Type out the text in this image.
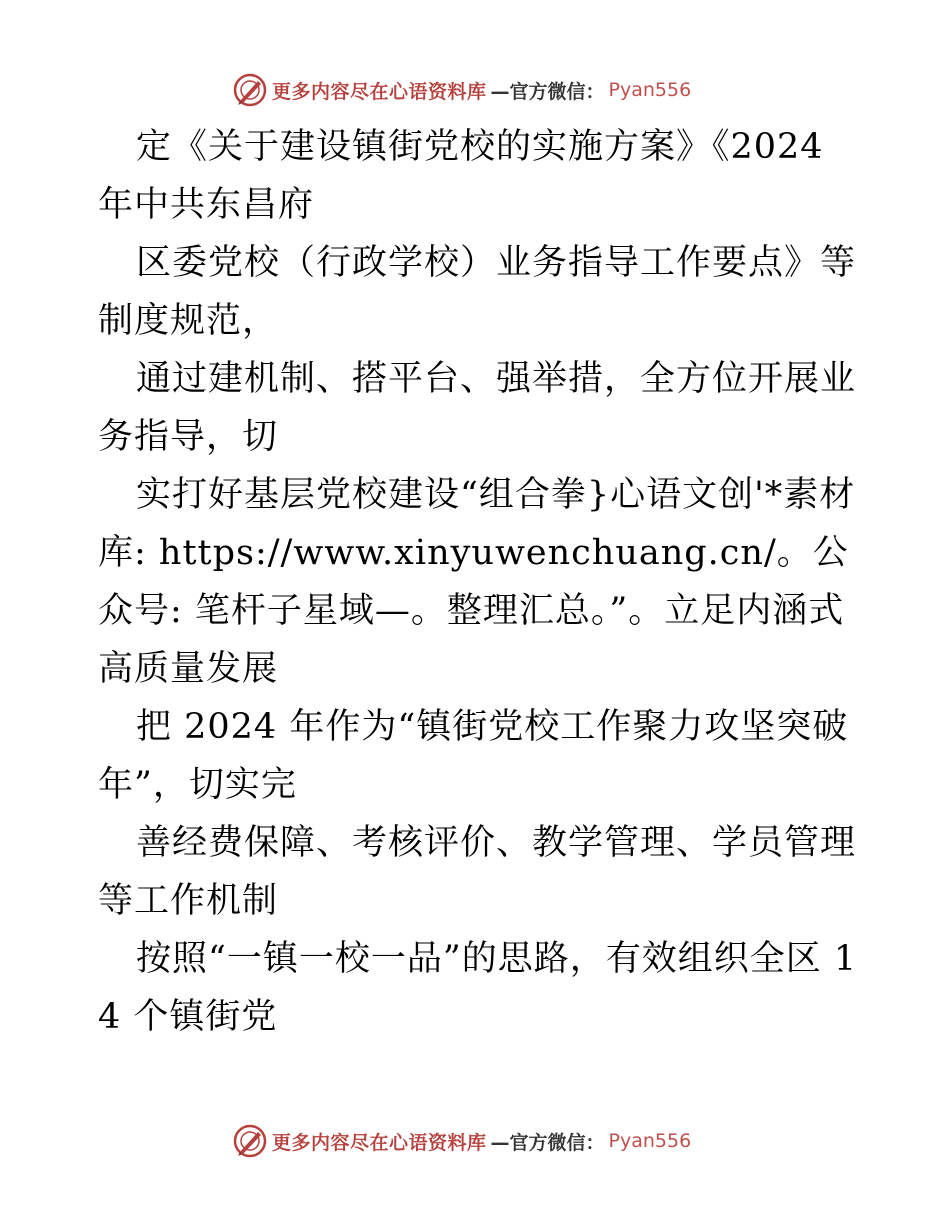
更多内容尽在心语资料库 —官方微信： Pyan556

定《关于建设镇街党校的实施方案》《2024 年中共东昌府

区委党校（行政学校）业务指导工作要点》等制度规范，

通过建机制、搭平台、强举措，全方位开展业务指导，切

实打好基层党校建设“组合拳}心语文创'*素材库: https://www.xinyuwenchuang.cn/。公众号: 笔杆子星域—。整理汇总。”。立足内涵式高质量发展

把 2024 年作为“镇街党校工作聚力攻坚突破年”，切实完

善经费保障、考核评价、教学管理、学员管理等工作机制

按照“一镇一校一品”的思路，有效组织全区 14 个镇街党

更多内容尽在心语资料库 —官方微信： Pyan556
